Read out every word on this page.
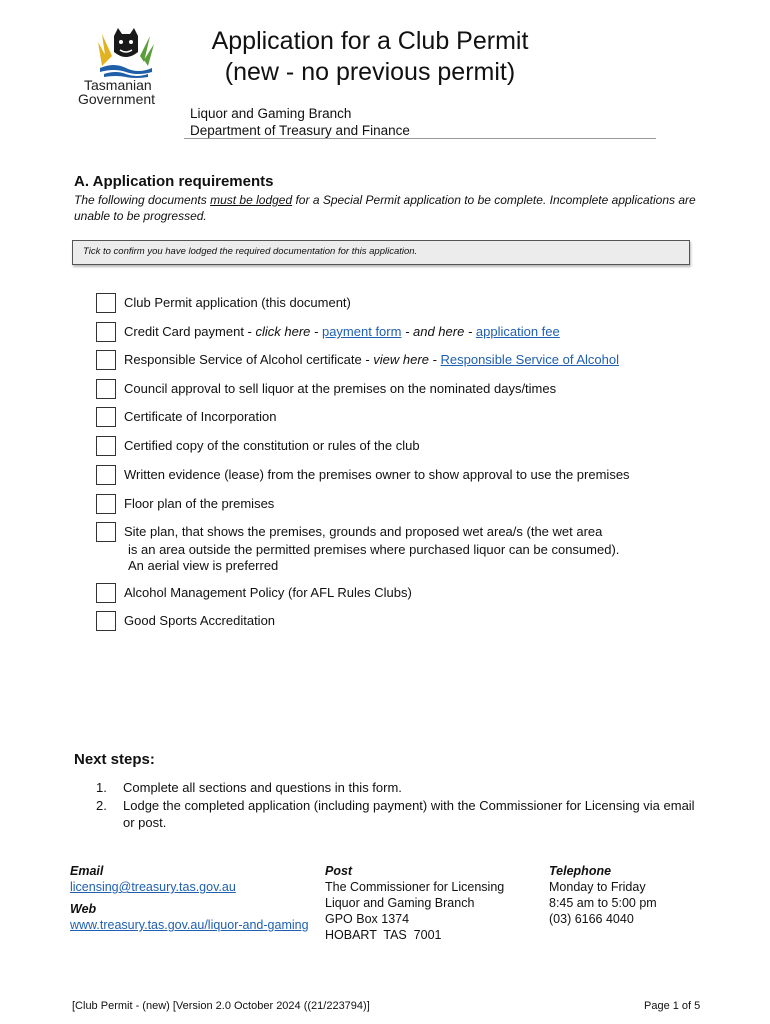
Tasmanian
Government
Application for a Club Permit
(new - no previous permit)
Liquor and Gaming Branch
Department of Treasury and Finance
A. Application requirements
The following documents must be lodged for a Special Permit application to be complete. Incomplete applications are unable to be progressed.
Tick to confirm you have lodged the required documentation for this application.
Club Permit application (this document)
Credit Card payment - click here - payment form - and here - application fee
Responsible Service of Alcohol certificate - view here - Responsible Service of Alcohol
Council approval to sell liquor at the premises on the nominated days/times
Certificate of Incorporation
Certified copy of the constitution or rules of the club
Written evidence (lease) from the premises owner to show approval to use the premises
Floor plan of the premises
Site plan, that shows the premises, grounds and proposed wet area/s (the wet area
is an area outside the permitted premises where purchased liquor can be consumed).
An aerial view is preferred
Alcohol Management Policy (for AFL Rules Clubs)
Good Sports Accreditation
Next steps:
1. Complete all sections and questions in this form.
2. Lodge the completed application (including payment) with the Commissioner for Licensing via email or post.
Email
licensing@treasury.tas.gov.au
Web
www.treasury.tas.gov.au/liquor-and-gaming
Post
The Commissioner for Licensing
Liquor and Gaming Branch
GPO Box 1374
HOBART  TAS  7001
Telephone
Monday to Friday
8:45 am to 5:00 pm
(03) 6166 4040
[Club Permit - (new) [Version 2.0 October 2024 ((21/223794)]	Page 1 of 5
